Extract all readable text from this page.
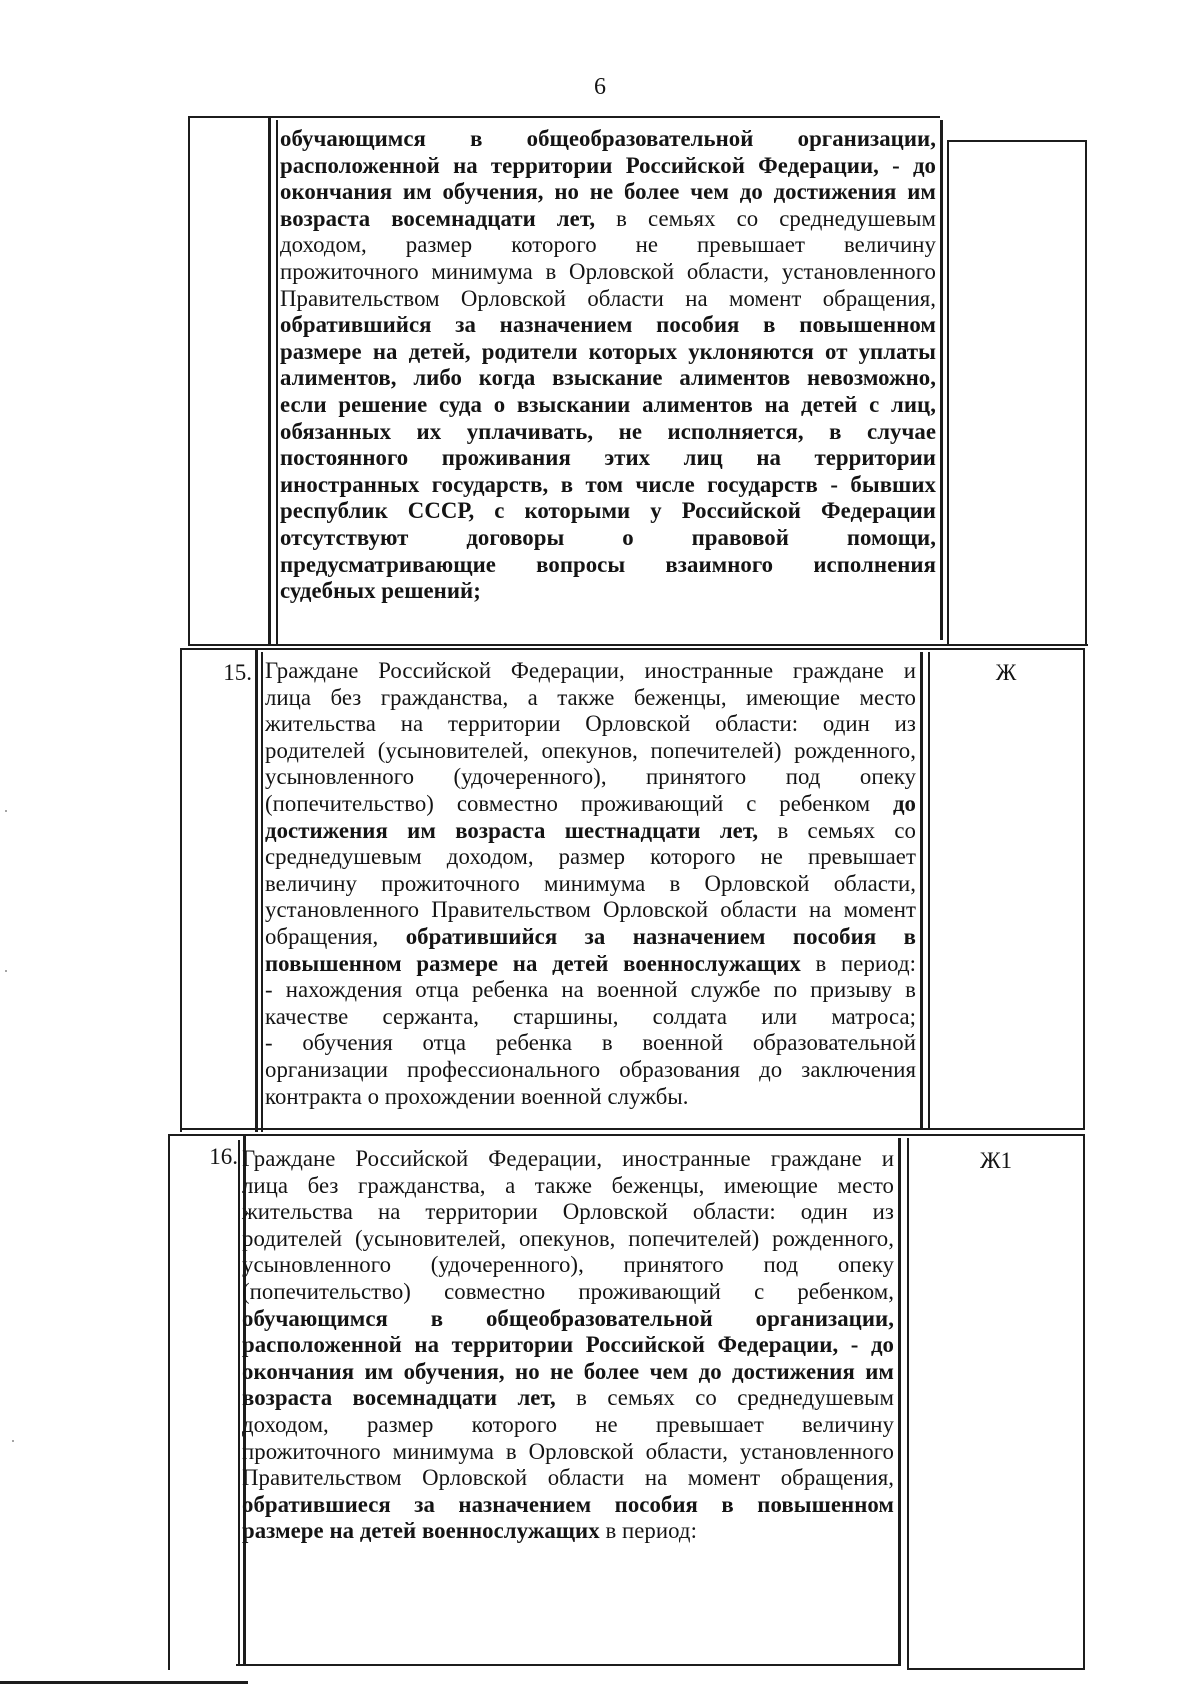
6
обучающимся в общеобразовательной организации,
расположенной на территории Российской Федерации, - до
окончания им обучения, но не более чем до достижения им
возраста восемнадцати лет, в семьях со среднедушевым
доходом, размер которого не превышает величину
прожиточного минимума в Орловской области, установленного
Правительством Орловской области на момент обращения,
обратившийся за назначением пособия в повышенном
размере на детей, родители которых уклоняются от уплаты
алиментов, либо когда взыскание алиментов невозможно,
если решение суда о взыскании алиментов на детей с лиц,
обязанных их уплачивать, не исполняется, в случае
постоянного проживания этих лиц на территории
иностранных государств, в том числе государств - бывших
республик СССР, с которыми у Российской Федерации
отсутствуют договоры о правовой помощи,
предусматривающие вопросы взаимного исполнения
судебных решений;
15. Граждане Российской Федерации, иностранные граждане и
лица без гражданства, а также беженцы, имеющие место
жительства на территории Орловской области: один из
родителей (усыновителей, опекунов, попечителей) рожденного,
усыновленного (удочеренного), принятого под опеку
(попечительство) совместно проживающий с ребенком до
достижения им возраста шестнадцати лет, в семьях со
среднедушевым доходом, размер которого не превышает
величину прожиточного минимума в Орловской области,
установленного Правительством Орловской области на момент
обращения, обратившийся за назначением пособия в
повышенном размере на детей военнослужащих в период:
- нахождения отца ребенка на военной службе по призыву в
качестве сержанта, старшины, солдата или матроса;
- обучения отца ребенка в военной образовательной
организации профессионального образования до заключения
контракта о прохождении военной службы.
Ж
16. Граждане Российской Федерации, иностранные граждане и
лица без гражданства, а также беженцы, имеющие место
жительства на территории Орловской области: один из
родителей (усыновителей, опекунов, попечителей) рожденного,
усыновленного (удочеренного), принятого под опеку
(попечительство) совместно проживающий с ребенком,
обучающимся в общеобразовательной организации,
расположенной на территории Российской Федерации, - до
окончания им обучения, но не более чем до достижения им
возраста восемнадцати лет, в семьях со среднедушевым
доходом, размер которого не превышает величину
прожиточного минимума в Орловской области, установленного
Правительством Орловской области на момент обращения,
обратившиеся за назначением пособия в повышенном
размере на детей военнослужащих в период:
Ж1
